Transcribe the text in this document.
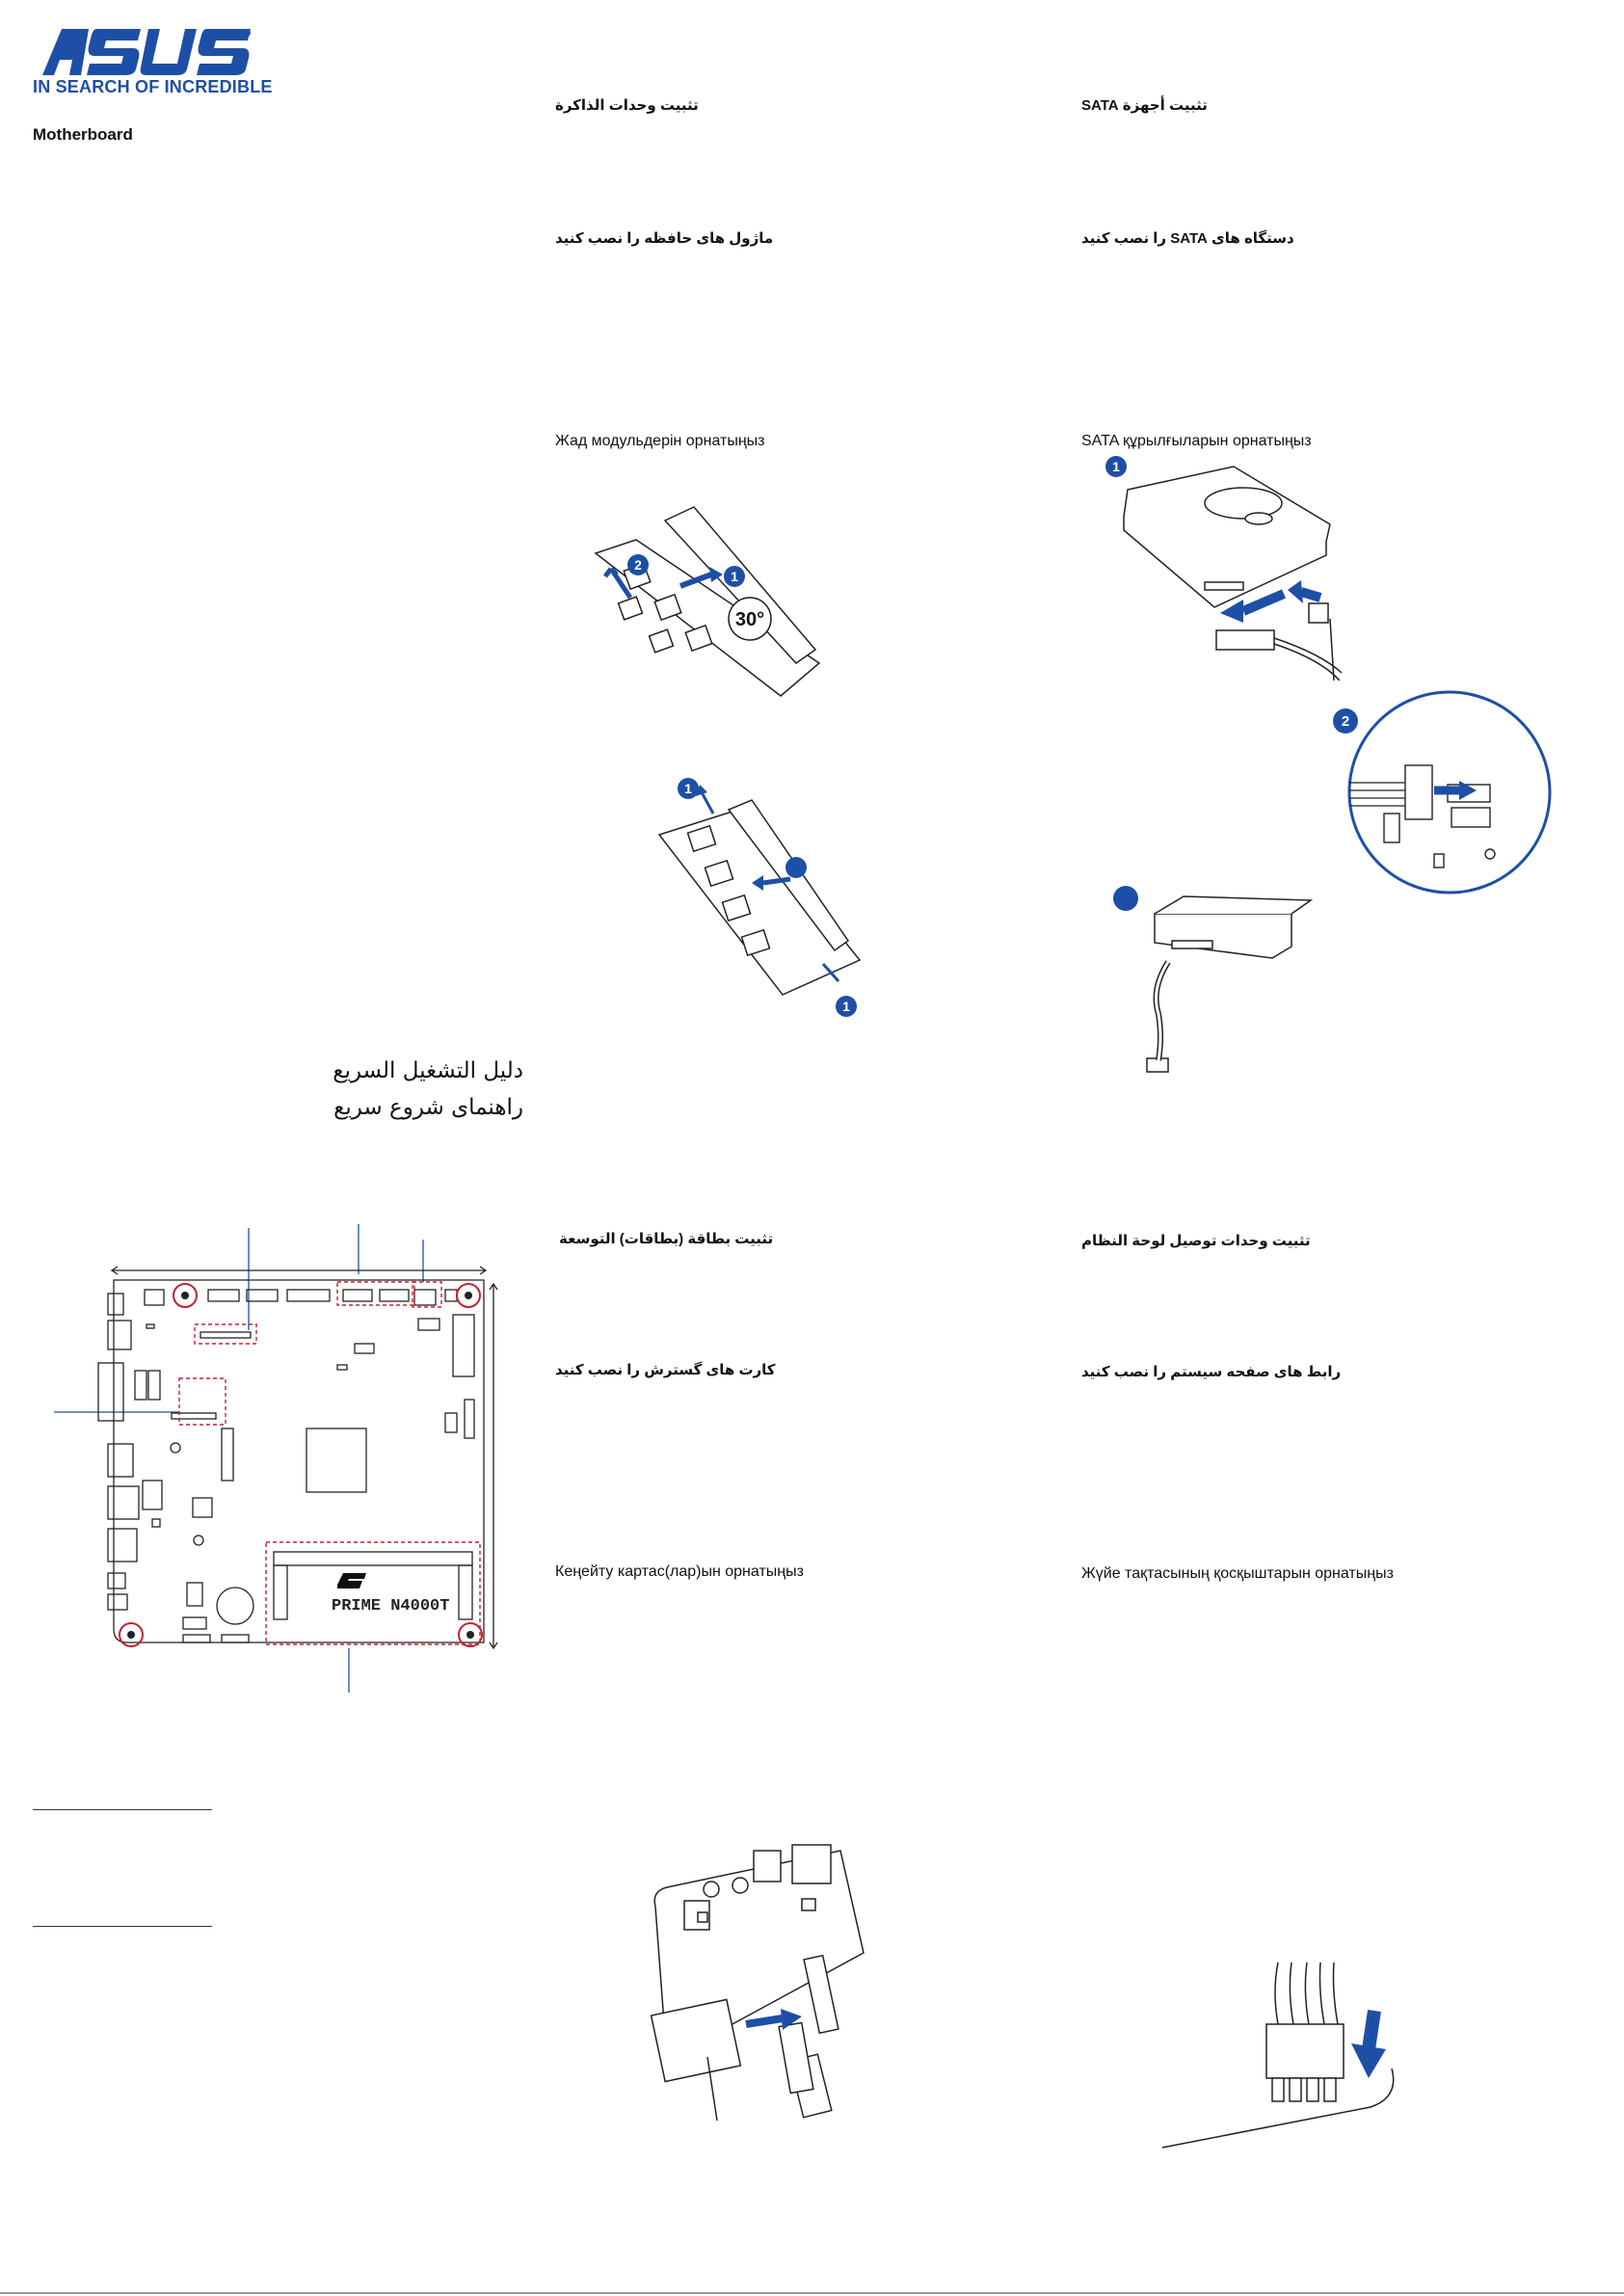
IN SEARCH OF INCREDIBLE
Motherboard
دليل التشغيل السريع
راهنمای شروع سریع
PRIME N4000T
تثبيت وحدات الذاكرة
ماژول های حافظه را نصب کنید
Жад модульдерін орнатыңыз
1
2
30°
1
1
تثبيت بطاقة (بطاقات) التوسعة
کارت های گسترش را نصب کنید
Кеңейту картас(лар)ын орнатыңыз
تثبيت أجهزة SATA
دستگاه های SATA را نصب کنید
SATA құрылғыларын орнатыңыз
1
2
تثبيت وحدات توصيل لوحة النظام
رابط های صفحه سیستم را نصب کنید
Жүйе тақтасының қосқыштарын орнатыңыз
